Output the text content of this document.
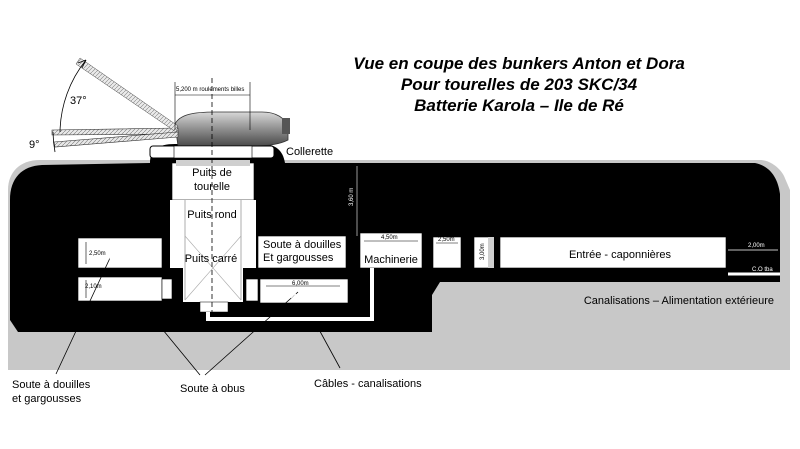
Vue en coupe des bunkers Anton et Dora
Pour tourelles de 203 SKC/34
Batterie Karola – Ile de Ré
37°
9°
5,200 m roulements billes
Collerette
Puits de
tourelle
Puits rond
Puits carré
Soute à douilles
Et gargousses	Machinerie
Carburant
Entrée - caponnières
3,60 m
2,50m
2,10m
4,50m	2,50m
3,00m
6,00m
2,00m
C.O tba
Canalisations – Alimentation extérieure
Soute à douilles
et gargousses
Soute à obus	Câbles - canalisations
